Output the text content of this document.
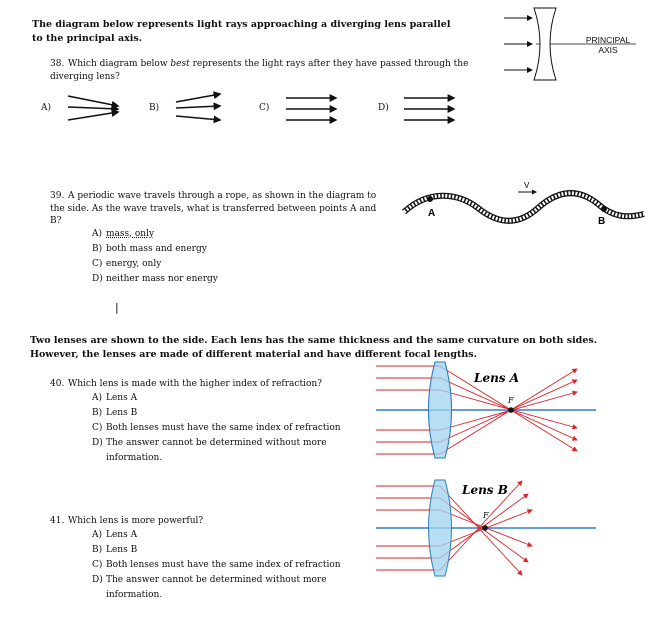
The diagram below represents light rays approaching a diverging lens parallel to the principal axis.	PRINCIPAL
AXIS
38. Which diagram below best represents the light rays after they have passed through the diverging lens?
A)	B)	C)	D)
39. A periodic wave travels through a rope, as shown in the diagram to the side. As the wave travels, what is transferred between points A and B?
A) mass, only
B) both mass and energy
C) energy, only
D) neither mass nor energy
A
B
V
|
Two lenses are shown to the side. Each lens has the same thickness and the same curvature on both sides. However, the lenses are made of different material and have different focal lengths.
40. Which lens is made with the higher index of refraction?
A) Lens A
B) Lens B
C) Both lenses must have the same index of refraction
D) The answer cannot be determined without more information.
41. Which lens is more powerful?
A) Lens A
B) Lens B
C) Both lenses must have the same index of refraction
D) The answer cannot be determined without more information.
F
Lens A
F
Lens B
